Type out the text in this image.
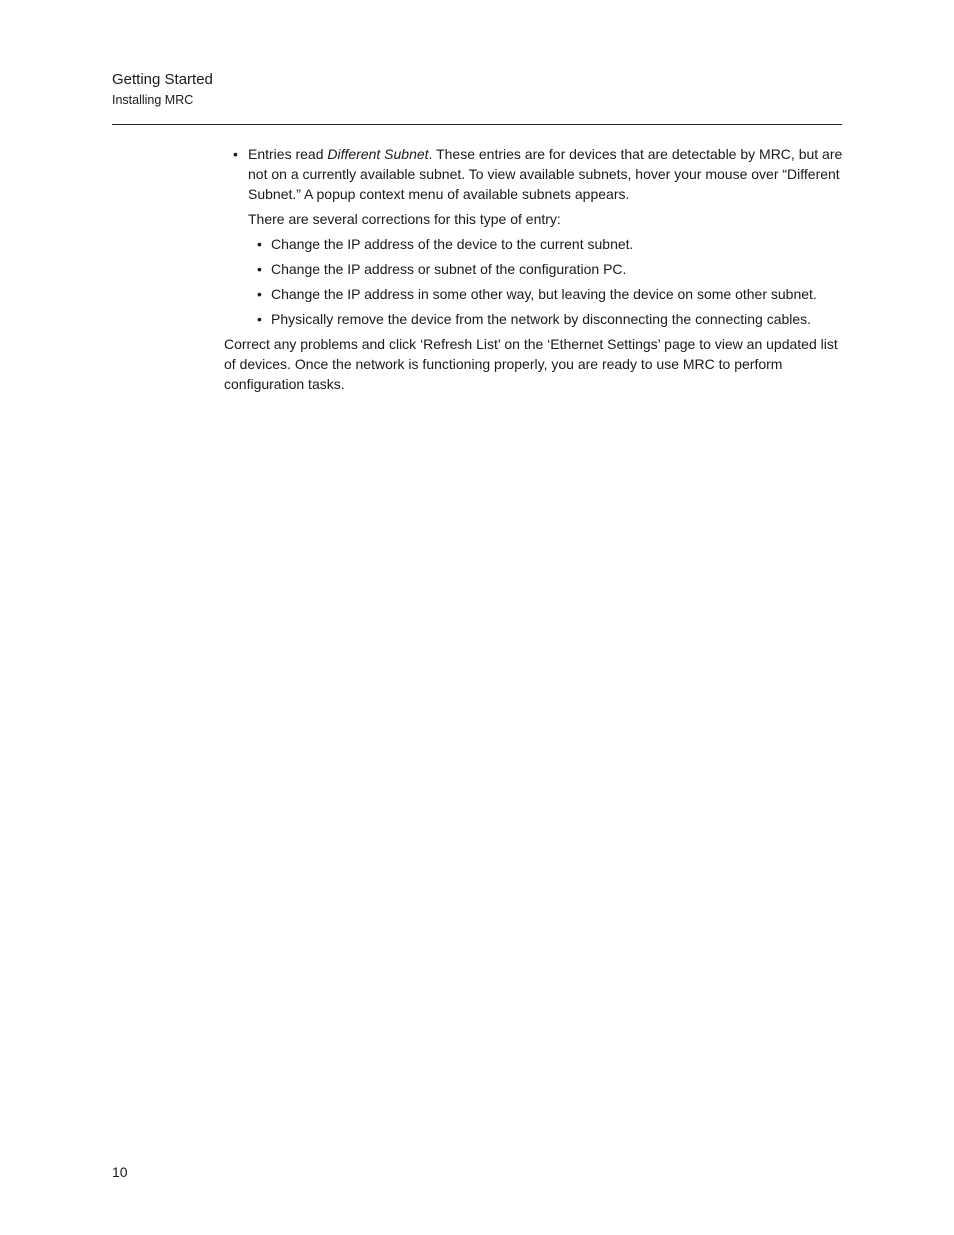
Getting Started

Installing MRC

• Entries read Different Subnet. These entries are for devices that are detectable by MRC, but are not on a currently available subnet. To view available subnets, hover your mouse over “Different Subnet.” A popup context menu of available subnets appears.

There are several corrections for this type of entry:

• Change the IP address of the device to the current subnet.
• Change the IP address or subnet of the configuration PC.
• Change the IP address in some other way, but leaving the device on some other subnet.
• Physically remove the device from the network by disconnecting the connecting cables.

Correct any problems and click ‘Refresh List’ on the ‘Ethernet Settings’ page to view an updated list of devices. Once the network is functioning properly, you are ready to use MRC to perform configuration tasks.

10
